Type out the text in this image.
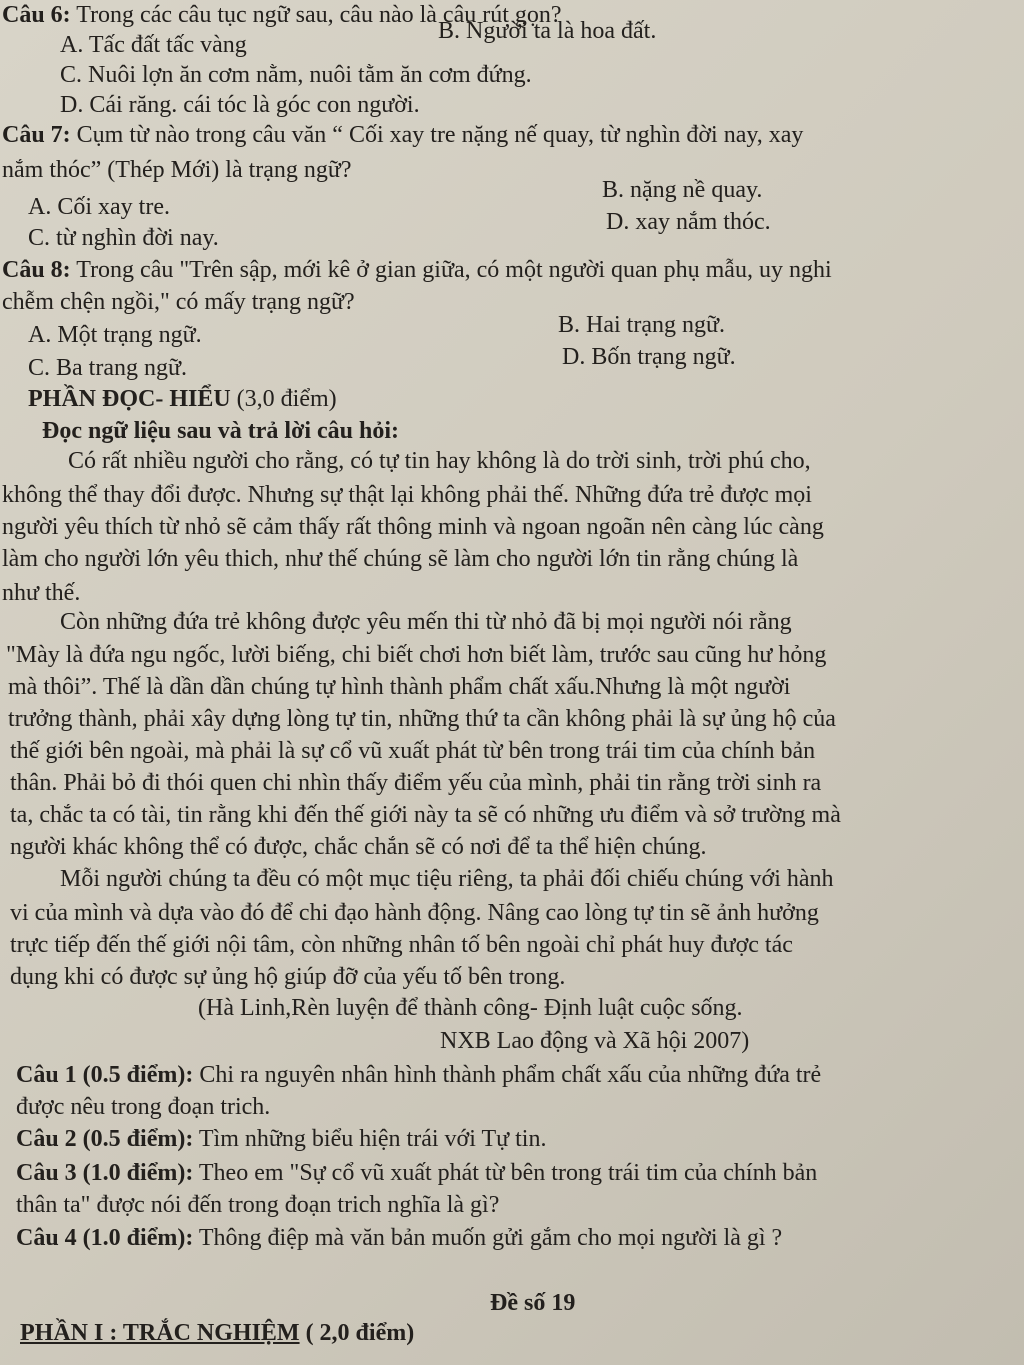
Câu 6: Trong các câu tục ngữ sau, câu nào là câu rút gọn?
A. Tấc đất tấc vàng
B. Người ta là hoa đất.
C. Nuôi lợn ăn cơm nằm, nuôi tằm ăn cơm đứng.
D. Cái răng. cái tóc là góc con người.
Câu 7: Cụm từ nào trong câu văn “ Cối xay tre nặng nế quay, từ nghìn đời nay, xay
nắm thóc” (Thép Mới) là trạng ngữ?
A. Cối xay tre.
B. nặng nề quay.
C. từ nghìn đời nay.
D. xay nắm thóc.
Câu 8: Trong câu "Trên sập, mới kê ở gian giữa, có một người quan phụ mẫu, uy nghi
chễm chện ngồi," có mấy trạng ngữ?
A. Một trạng ngữ.	B. Hai trạng ngữ.
C. Ba trang ngữ.	D. Bốn trạng ngữ.
PHẦN ĐỌC- HIỂU (3,0 điểm)
Đọc ngữ liệu sau và trả lời câu hỏi:
Có rất nhiều người cho rằng, có tự tin hay không là do trời sinh, trời phú cho,
không thể thay đổi được. Nhưng sự thật lại không phải thế. Những đứa trẻ được mọi
người yêu thích từ nhỏ sẽ cảm thấy rất thông minh và ngoan ngoãn nên càng lúc càng
làm cho người lớn yêu thich, như thế chúng sẽ làm cho người lớn tin rằng chúng là
như thế.
Còn những đứa trẻ không được yêu mến thi từ nhỏ đã bị mọi người nói rằng
"Mày là đứa ngu ngốc, lười biếng, chi biết chơi hơn biết làm, trước sau cũng hư hỏng
mà thôi”. Thế là dần dần chúng tự hình thành phẩm chất xấu.Nhưng là một người
trưởng thành, phải xây dựng lòng tự tin, những thứ ta cần không phải là sự ủng hộ của
thế giới bên ngoài, mà phải là sự cổ vũ xuất phát từ bên trong trái tim của chính bản
thân. Phải bỏ đi thói quen chi nhìn thấy điểm yếu của mình, phải tin rằng trời sinh ra
ta, chắc ta có tài, tin rằng khi đến thế giới này ta sẽ có những ưu điểm và sở trường mà
người khác không thể có được, chắc chắn sẽ có nơi để ta thể hiện chúng.
Mỗi người chúng ta đều có một mục tiệu riêng, ta phải đối chiếu chúng với hành
vi của mình và dựa vào đó để chi đạo hành động. Nâng cao lòng tự tin sẽ ảnh hưởng
trực tiếp đến thế giới nội tâm, còn những nhân tố bên ngoài chỉ phát huy được tác
dụng khi có được sự ủng hộ giúp đỡ của yếu tố bên trong.
(Hà Linh,Rèn luyện để thành công- Định luật cuộc sống.
NXB Lao động và Xã hội 2007)
Câu 1 (0.5 điểm): Chi ra nguyên nhân hình thành phẩm chất xấu của những đứa trẻ
được nêu trong đoạn trich.
Câu 2 (0.5 điểm): Tìm những biểu hiện trái với Tự tin.
Câu 3 (1.0 điểm): Theo em "Sự cổ vũ xuất phát từ bên trong trái tim của chính bản
thân ta" được nói đến trong đoạn trich nghĩa là gì?
Câu 4 (1.0 điểm): Thông điệp mà văn bản muốn gửi gắm cho mọi người là gì ?
Đề số 19
PHẦN I : TRẮC NGHIỆM ( 2,0 điểm)
